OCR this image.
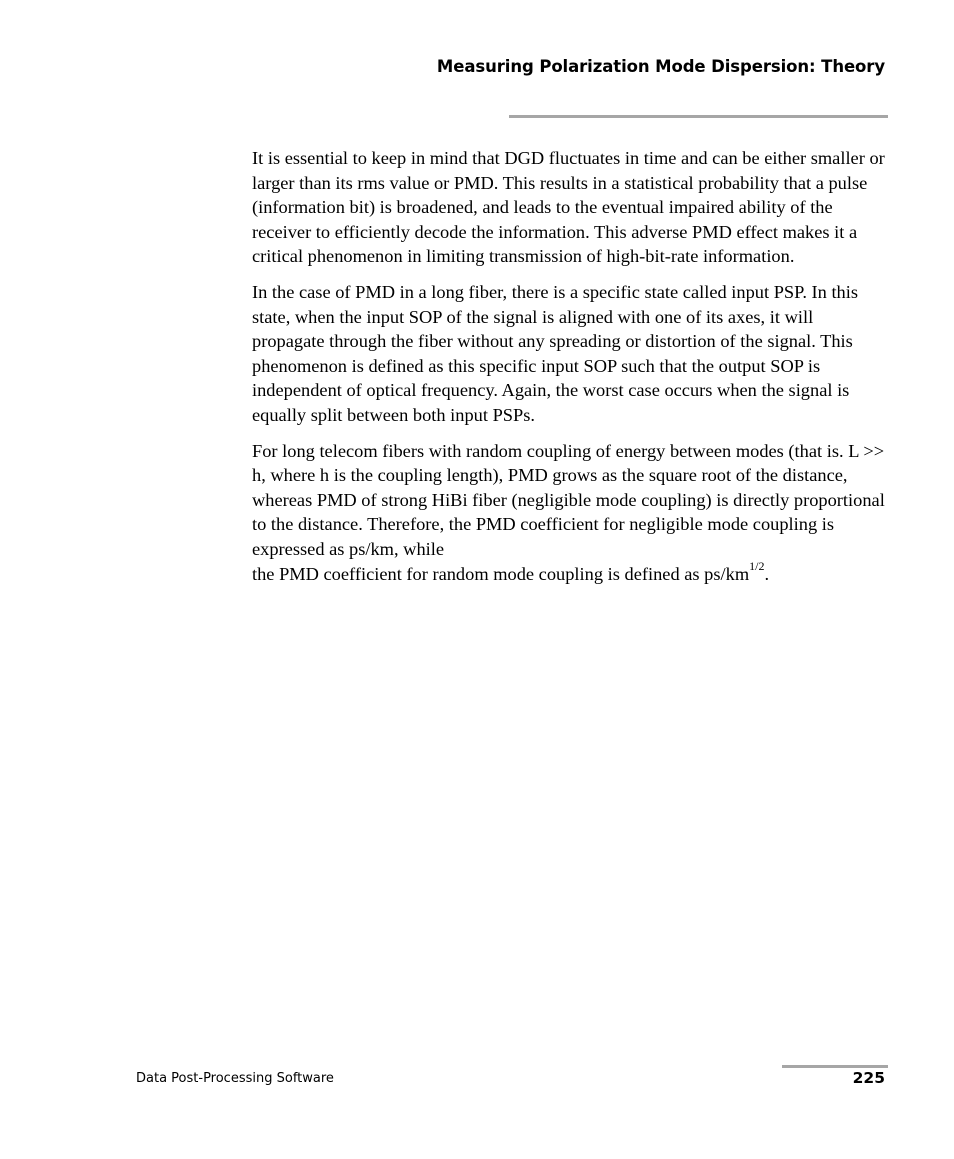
Measuring Polarization Mode Dispersion: Theory

It is essential to keep in mind that DGD fluctuates in time and can be either smaller or larger than its rms value or PMD. This results in a statistical probability that a pulse (information bit) is broadened, and leads to the eventual impaired ability of the receiver to efficiently decode the information. This adverse PMD effect makes it a critical phenomenon in limiting transmission of high-bit-rate information.

In the case of PMD in a long fiber, there is a specific state called input PSP. In this state, when the input SOP of the signal is aligned with one of its axes, it will propagate through the fiber without any spreading or distortion of the signal. This phenomenon is defined as this specific input SOP such that the output SOP is independent of optical frequency. Again, the worst case occurs when the signal is equally split between both input PSPs.

For long telecom fibers with random coupling of energy between modes (that is. L >> h, where h is the coupling length), PMD grows as the square root of the distance, whereas PMD of strong HiBi fiber (negligible mode coupling) is directly proportional to the distance. Therefore, the PMD coefficient for negligible mode coupling is expressed as ps/km, while
the PMD coefficient for random mode coupling is defined as $ps/km^{1/2}$.

Data Post-Processing Software	225
